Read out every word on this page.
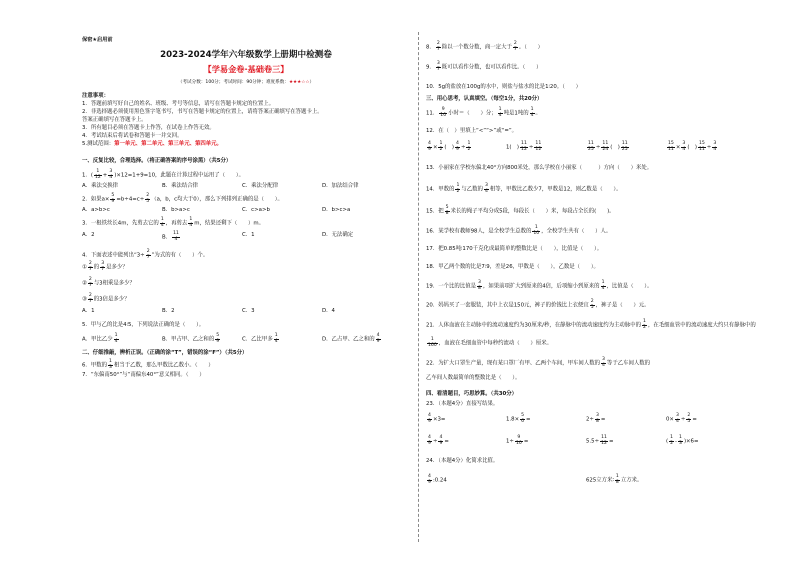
保密★启用前
2023-2024学年六年级数学上册期中检测卷
【学易金卷·基础卷三】
（考试分数：100分；考试时间：90分钟；难度系数：★★★☆☆）
注意事项：
1．答题前填写好自己的姓名、班级、考号等信息，请写在答题卡规定的位置上。
2．非选择题必须使用黑色签字笔书写，书写在答题卡规定的位置上，请将答案正确填写在答题卡上。
答案正确填写在答题卡上。
3．所有题目必须在答题卡上作答，在试卷上作答无效。
4．考试结束后将试卷和答题卡一并交回。
5.测试范围：第一单元、第二单元、第三单元、第四单元。
一、反复比较，合理选择。（将正确答案的序号涂黑）（共5分）
1．( $\frac{1}{12} + \frac{3}{4} )\times 12=1+9=10$，此题在计算过程中运用了（　　）。
A．乘法交换律	B．乘法结合律	C．乘法分配律	D．加法结合律
2．如果$a\times \frac{5}{9} =b\div 4=c\div \frac{2}{5} (a$，b，c均大于0），那么下列排列正确的是（　　）。
A．a>b>c	B．b>a>c	C．c>a>b	D．b>c>a
3．一根铁丝长4m，先剪去它的 $\frac{1}{4}$ ，再剪去 $\frac{1}{4}$ m，结果还剩下（　　）m。
A．2	B． $\frac{11}{4}$	C．1	D．无法确定
4．下面表述中能列出“$3\div \frac{2}{7}$ ”为式的有（　　）个。
① $\frac{2}{7}$ 的 $\frac{3}{7}$ 是多少？
② $\frac{2}{7}$ 与3相乘是多少？
③ $\frac{2}{7}$ 的3倍是多少？
A．1	B．2	C．3	D．4
5．甲与乙的比是4∶5，下列说法正确的是（　　）。
A．甲比乙少 $\frac{1}{4}$	B．甲占甲、乙之和的 $\frac{5}{9}$	C．乙比甲多 $\frac{1}{4}$	D．乙占甲、乙之和的 $\frac{4}{9}$
二、仔细推敲，辨析正误。（正确的涂“T”，错误的涂“F”）（共5分）
6．甲数的 $\frac{1}{3}$ 相当于乙数，那么甲数比乙数小。（　　）
7．“东偏南50°”与“南偏东40°”意义相同。（　　）
8． $\frac{2}{7}$ 除以一个数分数，商一定大于 $\frac{2}{7}$ 。（　　）
9． $\frac{3}{7}$ 既可以看作分数，也可以看作比。（　　）
10．5g的盐放在100g的水中，则盐与盐水的比是1∶20。（　　）
三、用心思考，认真填空。（每空1分，共20分）
11． $\frac{9}{10}$ 小时＝（　　）分； $\frac{1}{4}$ 吨是1吨的 $\frac{1}{4}$ 。
12．在（　）里填上“<”“>”或“=”。
$\frac{4}{9} \times \frac{1}{2}$ (　) $\frac{4}{9} \div \frac{1}{2}$	1(　) $\frac{11}{12} \div \frac{11}{12}$	$\frac{11}{25} \div \frac{11}{24}$ (　) $\frac{11}{25}$	$\frac{15}{11} \times \frac{3}{4}$ (　) $\frac{15}{11} \div \frac{3}{4}$
13．小丽家在学校东偏北40°方向800米处，那么学校在小丽家（　　　）方向（　　）米处。
14．甲数的 $\frac{1}{2}$ 与乙数的 $\frac{3}{4}$ 相等，甲数比乙数少7，甲数是12，则乙数是（　　）。
15．把 $\frac{5}{8}$ 米长的绳子平均分成5段，每段长（　　）米，每段占全长的(　　)。
16．某学校有教师98人，是全校学生总数的 $\frac{1}{10}$ ，全校学生共有（　　）人。
17．把0.85吨∶170千克化成最简单的整数比是（　　），比值是（　　）。
18．甲乙两个数的比是7∶9，差是26，甲数是（　　），乙数是（　　）。
19．一个比的比值是 $\frac{3}{8}$ ，如果前项扩大到原来的4倍，后项缩小到原来的 $\frac{1}{4}$ ，比值是（　　）。
20．妈妈买了一套服装，其中上衣是150元，裤子的价钱比上衣便宜 $\frac{2}{5}$ ，裤子是（　　）元。
21．人体血液在主动脉中的流动速度约为30厘米/秒，在静脉中的流动速度约为主动脉中的 $\frac{1}{2}$ ，在毛细血管中的流动速度大约只有静脉中的
$\frac{1}{160}$ ，血液在毛细血管中每秒约流动（　　）厘米。
22．为扩大口罩生产量，现有某口罩厂有甲、乙两个车间，甲车间人数的 $\frac{3}{4}$ 等于乙车间人数的
乙车间人数最简单的整数比是（　　）。
四、看清题目，巧思妙算。（共30分）
23．（本题4分）直接写结果。
$\frac{4}{9} \times 3=$	$1.8\times \frac{5}{6}$ =	$2\div \frac{3}{8}$ =	$0\times \frac{3}{4} \div \frac{2}{5}$ =
$\frac{4}{9} \div \frac{4}{9}$ =	$1\div \frac{9}{10}$ =	$5.5\div \frac{11}{12}$ =	( $\frac{1}{2} - \frac{1}{3} )\times 6=$
24．（本题4分）化简求比值。
$\frac{4}{9}$ :0.24	625立方米∶ $\frac{1}{8}$ 立方米。
